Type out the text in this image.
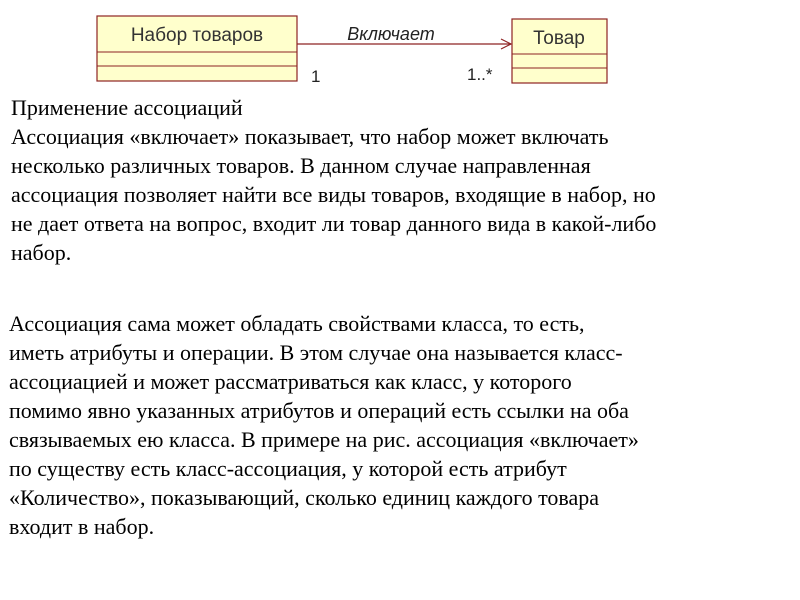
Набор товаров	Товар
Включает
1	1..*
Применение ассоциаций
Ассоциация «включает» показывает, что набор может включать
несколько различных товаров. В данном случае направленная
ассоциация позволяет найти все виды товаров, входящие в набор, но
не дает ответа на вопрос, входит ли товар данного вида в какой-либо
набор.
Ассоциация сама может обладать свойствами класса, то есть,
иметь атрибуты и операции. В этом случае она называется класс-
ассоциацией и может рассматриваться как класс, у которого
помимо явно указанных атрибутов и операций есть ссылки на оба
связываемых ею класса. В примере на рис. ассоциация «включает»
по существу есть класс-ассоциация, у которой есть атрибут
«Количество», показывающий, сколько единиц каждого товара
входит в набор.
